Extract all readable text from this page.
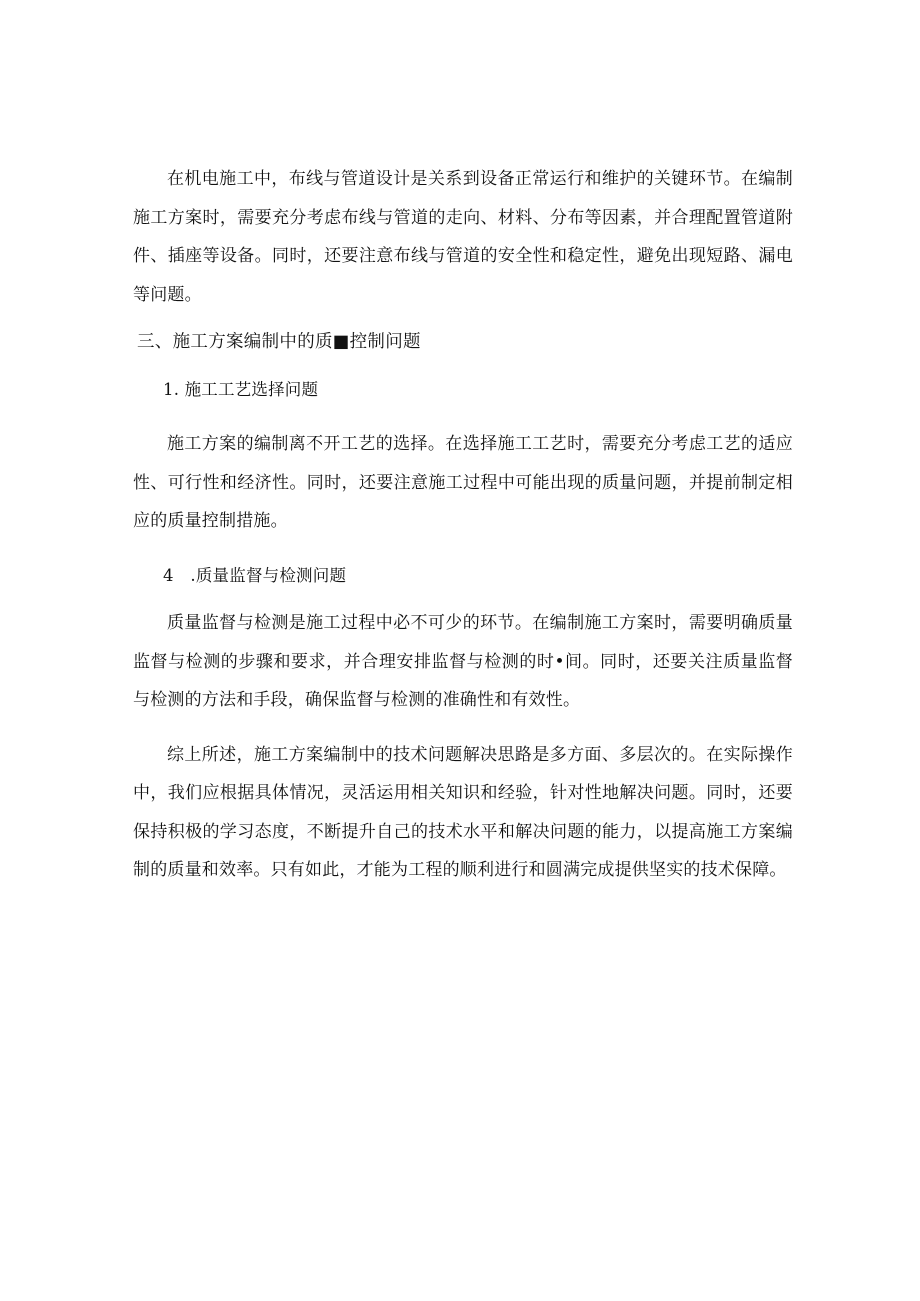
在机电施工中，布线与管道设计是关系到设备正常运行和维护的关键环节。在编制施工方案时，需要充分考虑布线与管道的走向、材料、分布等因素，并合理配置管道附件、插座等设备。同时，还要注意布线与管道的安全性和稳定性，避免出现短路、漏电等问题。

三、施工方案编制中的质■控制问题

1. 施工工艺选择问题

施工方案的编制离不开工艺的选择。在选择施工工艺时，需要充分考虑工艺的适应性、可行性和经济性。同时，还要注意施工过程中可能出现的质量问题，并提前制定相应的质量控制措施。

4　.质量监督与检测问题

质量监督与检测是施工过程中必不可少的环节。在编制施工方案时，需要明确质量监督与检测的步骤和要求，并合理安排监督与检测的时•间。同时，还要关注质量监督与检测的方法和手段，确保监督与检测的准确性和有效性。

综上所述，施工方案编制中的技术问题解决思路是多方面、多层次的。在实际操作中，我们应根据具体情况，灵活运用相关知识和经验，针对性地解决问题。同时，还要保持积极的学习态度，不断提升自己的技术水平和解决问题的能力，以提高施工方案编制的质量和效率。只有如此，才能为工程的顺利进行和圆满完成提供坚实的技术保障。
